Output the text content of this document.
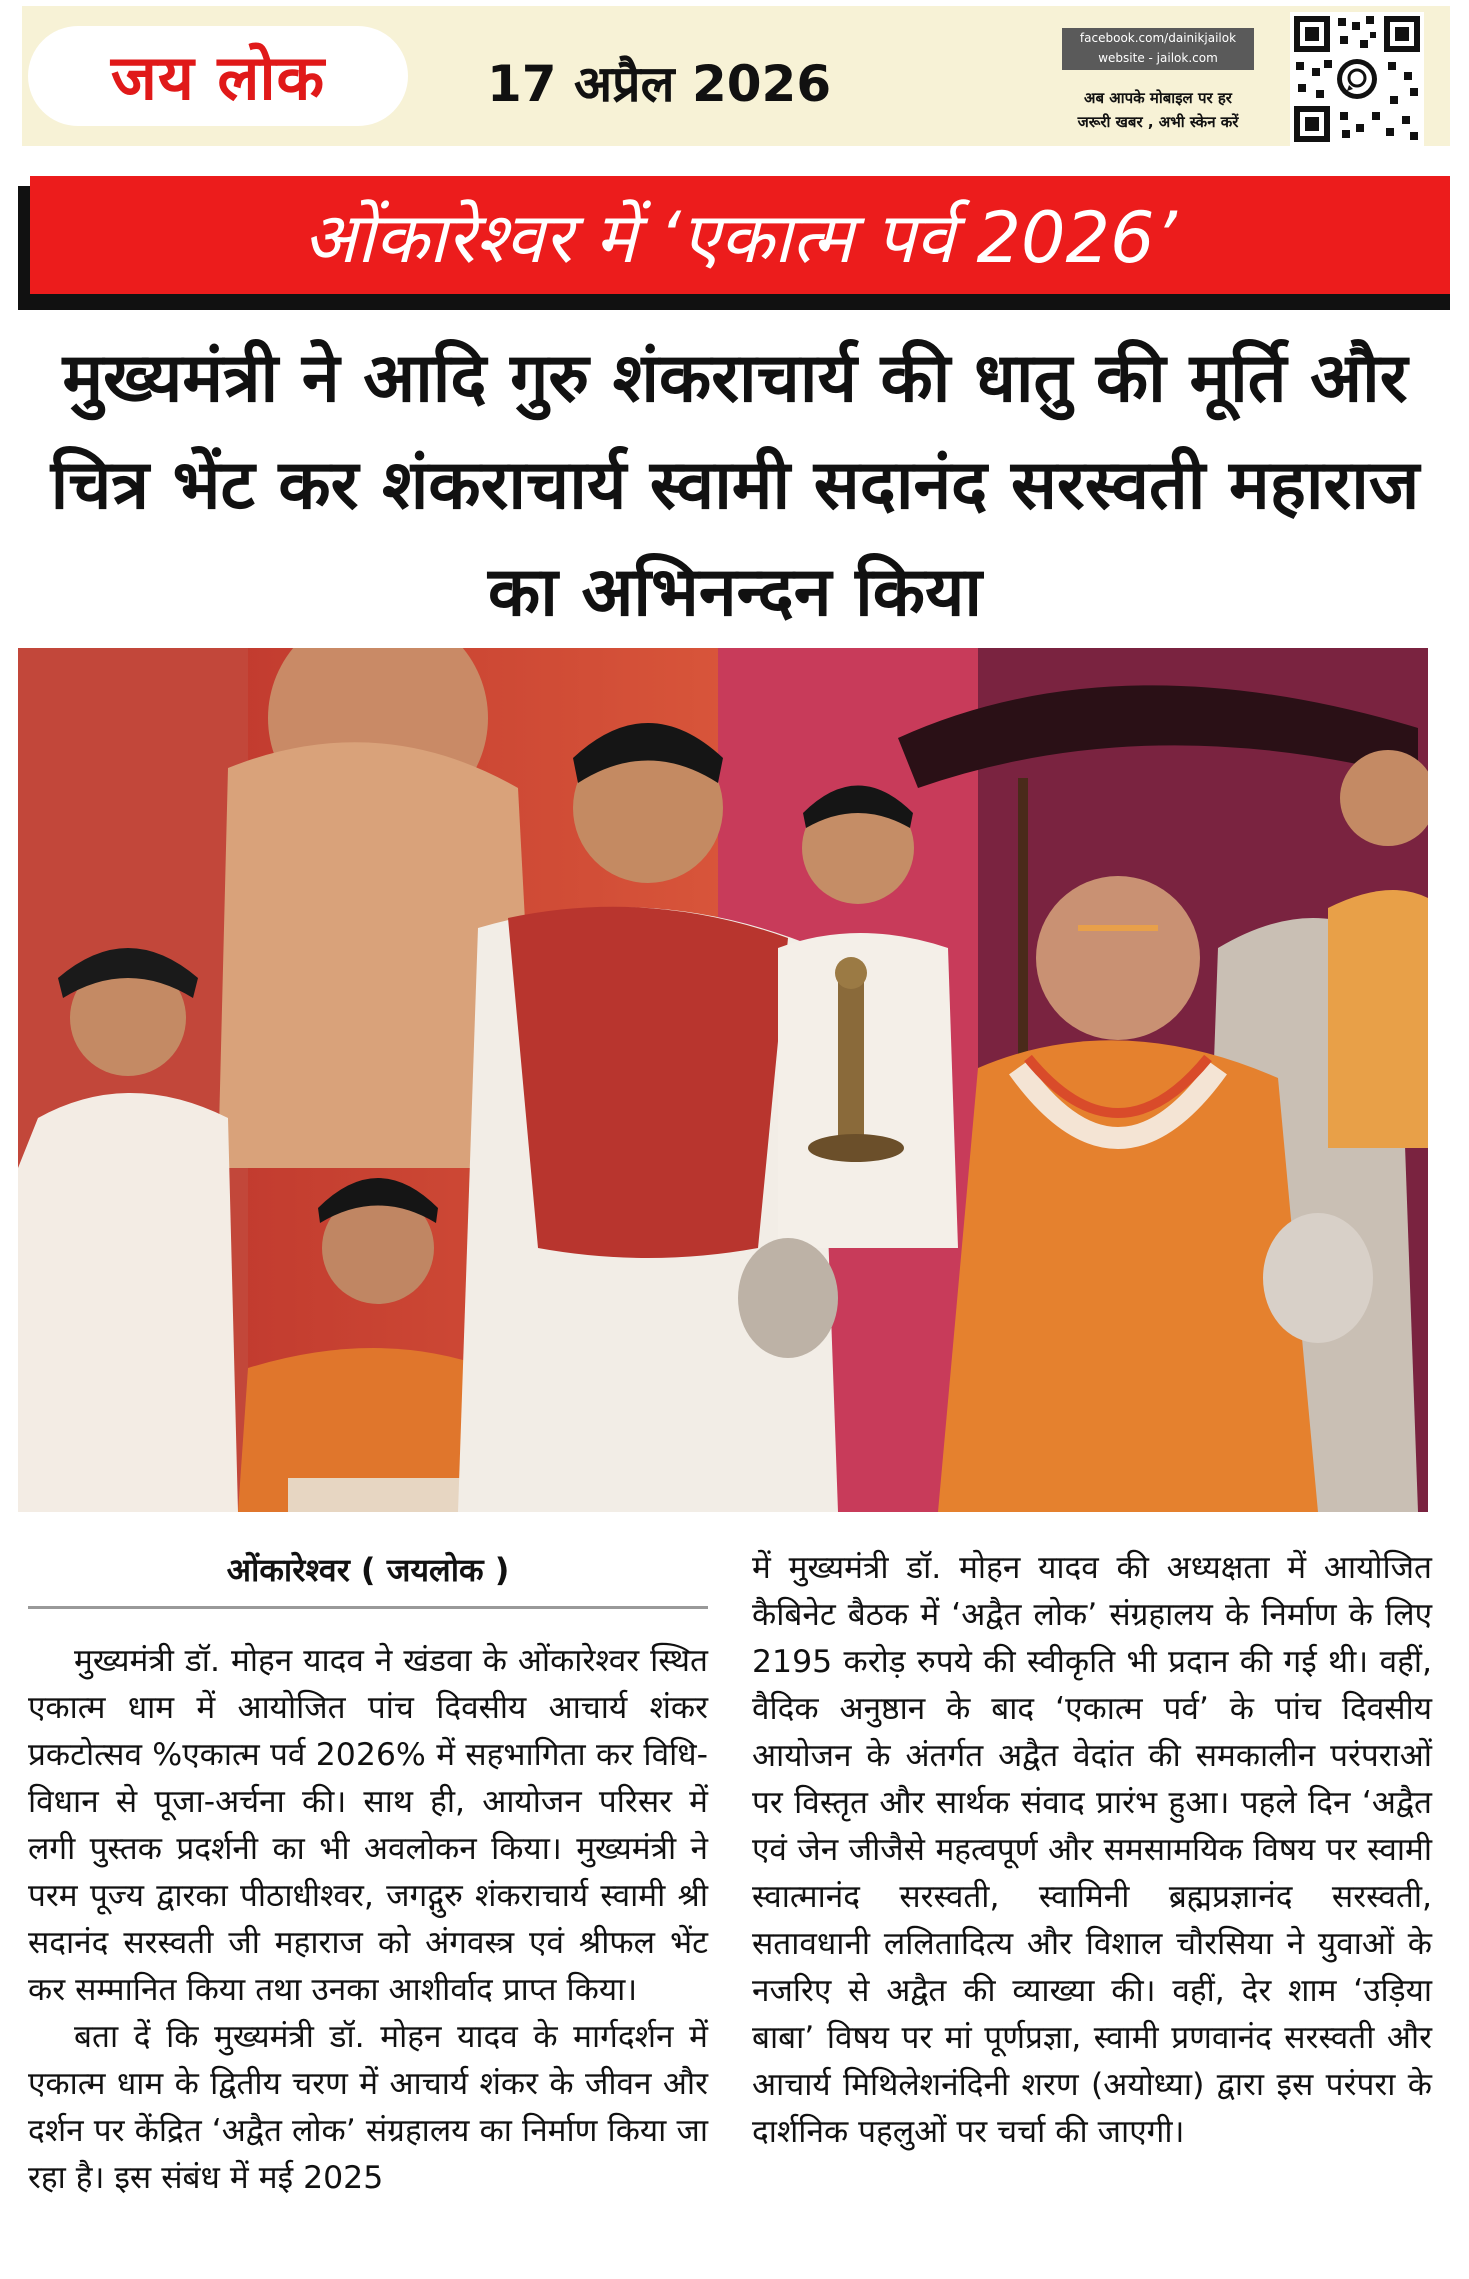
जय लोक	17 अप्रैल 2026
facebook.com/dainikjailok
website - jailok.com
अब आपके मोबाइल पर हर
जरूरी खबर , अभी स्केन करें
ओंकारेश्वर में ‘एकात्म पर्व 2026’
मुख्यमंत्री ने आदि गुरु शंकराचार्य की धातु की मूर्ति और चित्र भेंट कर शंकराचार्य स्वामी सदानंद सरस्वती महाराज का अभिनन्दन किया
ओंकारेश्वर ( जयलोक )

मुख्यमंत्री डॉ. मोहन यादव ने खंडवा के ओंकारेश्वर स्थित एकात्म धाम में आयोजित पांच दिवसीय आचार्य शंकर प्रकटोत्सव %एकात्म पर्व 2026% में सहभागिता कर विधि-विधान से पूजा-अर्चना की। साथ ही, आयोजन परिसर में लगी पुस्तक प्रदर्शनी का भी अवलोकन किया। मुख्यमंत्री ने परम पूज्य द्वारका पीठाधीश्वर, जगद्गुरु शंकराचार्य स्वामी श्री सदानंद सरस्वती जी महाराज को अंगवस्त्र एवं श्रीफल भेंट कर सम्मानित किया तथा उनका आशीर्वाद प्राप्त किया।

बता दें कि मुख्यमंत्री डॉ. मोहन यादव के मार्गदर्शन में एकात्म धाम के द्वितीय चरण में आचार्य शंकर के जीवन और दर्शन पर केंद्रित ‘अद्वैत लोक’ संग्रहालय का निर्माण किया जा रहा है। इस संबंध में मई 2025

में मुख्यमंत्री डॉ. मोहन यादव की अध्यक्षता में आयोजित कैबिनेट बैठक में ‘अद्वैत लोक’ संग्रहालय के निर्माण के लिए 2195 करोड़ रुपये की स्वीकृति भी प्रदान की गई थी। वहीं, वैदिक अनुष्ठान के बाद ‘एकात्म पर्व’ के पांच दिवसीय आयोजन के अंतर्गत अद्वैत वेदांत की समकालीन परंपराओं पर विस्तृत और सार्थक संवाद प्रारंभ हुआ। पहले दिन ‘अद्वैत एवं जेन जीजैसे महत्वपूर्ण और समसामयिक विषय पर स्वामी स्वात्मानंद सरस्वती, स्वामिनी ब्रह्मप्रज्ञानंद सरस्वती, सतावधानी ललितादित्य और विशाल चौरसिया ने युवाओं के नजरिए से अद्वैत की व्याख्या की। वहीं, देर शाम ‘उड़िया बाबा’ विषय पर मां पूर्णप्रज्ञा, स्वामी प्रणवानंद सरस्वती और आचार्य मिथिलेशनंदिनी शरण (अयोध्या) द्वारा इस परंपरा के दार्शनिक पहलुओं पर चर्चा की जाएगी।
